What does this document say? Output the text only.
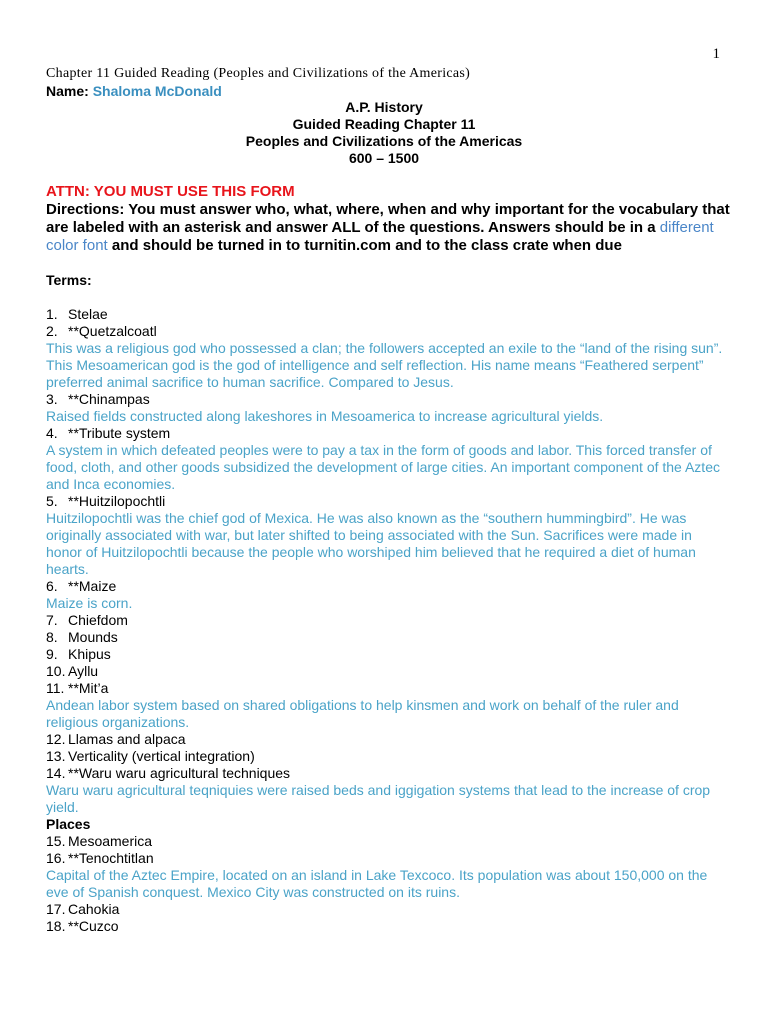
1
Chapter 11 Guided Reading (Peoples and Civilizations of the Americas)
Name: Shaloma McDonald
A.P. History
Guided Reading Chapter 11
Peoples and Civilizations of the Americas
600 – 1500
ATTN: YOU MUST USE THIS FORM
Directions: You must answer who, what, where, when and why important for the vocabulary that are labeled with an asterisk and answer ALL of the questions. Answers should be in a different color font and should be turned in to turnitin.com and to the class crate when due
Terms:
1. Stelae
2. **Quetzalcoatl
This was a religious god who possessed a clan; the followers accepted an exile to the “land of the rising sun”. This Mesoamerican god is the god of intelligence and self reflection. His name means “Feathered serpent” preferred animal sacrifice to human sacrifice. Compared to Jesus.
3. **Chinampas
Raised fields constructed along lakeshores in Mesoamerica to increase agricultural yields.
4. **Tribute system
A system in which defeated peoples were to pay a tax in the form of goods and labor. This forced transfer of food, cloth, and other goods subsidized the development of large cities. An important component of the Aztec and Inca economies.
5. **Huitzilopochtli
Huitzilopochtli was the chief god of Mexica. He was also known as the “southern hummingbird”. He was originally associated with war, but later shifted to being associated with the Sun. Sacrifices were made in honor of Huitzilopochtli because the people who worshiped him believed that he required a diet of human hearts.
6. **Maize
Maize is corn.
7. Chiefdom
8. Mounds
9. Khipus
10. Ayllu
11. **Mit’a
Andean labor system based on shared obligations to help kinsmen and work on behalf of the ruler and religious organizations.
12. Llamas and alpaca
13. Verticality (vertical integration)
14. **Waru waru agricultural techniques
Waru waru agricultural teqniquies were raised beds and iggigation systems that lead to the increase of crop yield.
Places
15. Mesoamerica
16. **Tenochtitlan
Capital of the Aztec Empire, located on an island in Lake Texcoco. Its population was about 150,000 on the eve of Spanish conquest. Mexico City was constructed on its ruins.
17. Cahokia
18. **Cuzco
